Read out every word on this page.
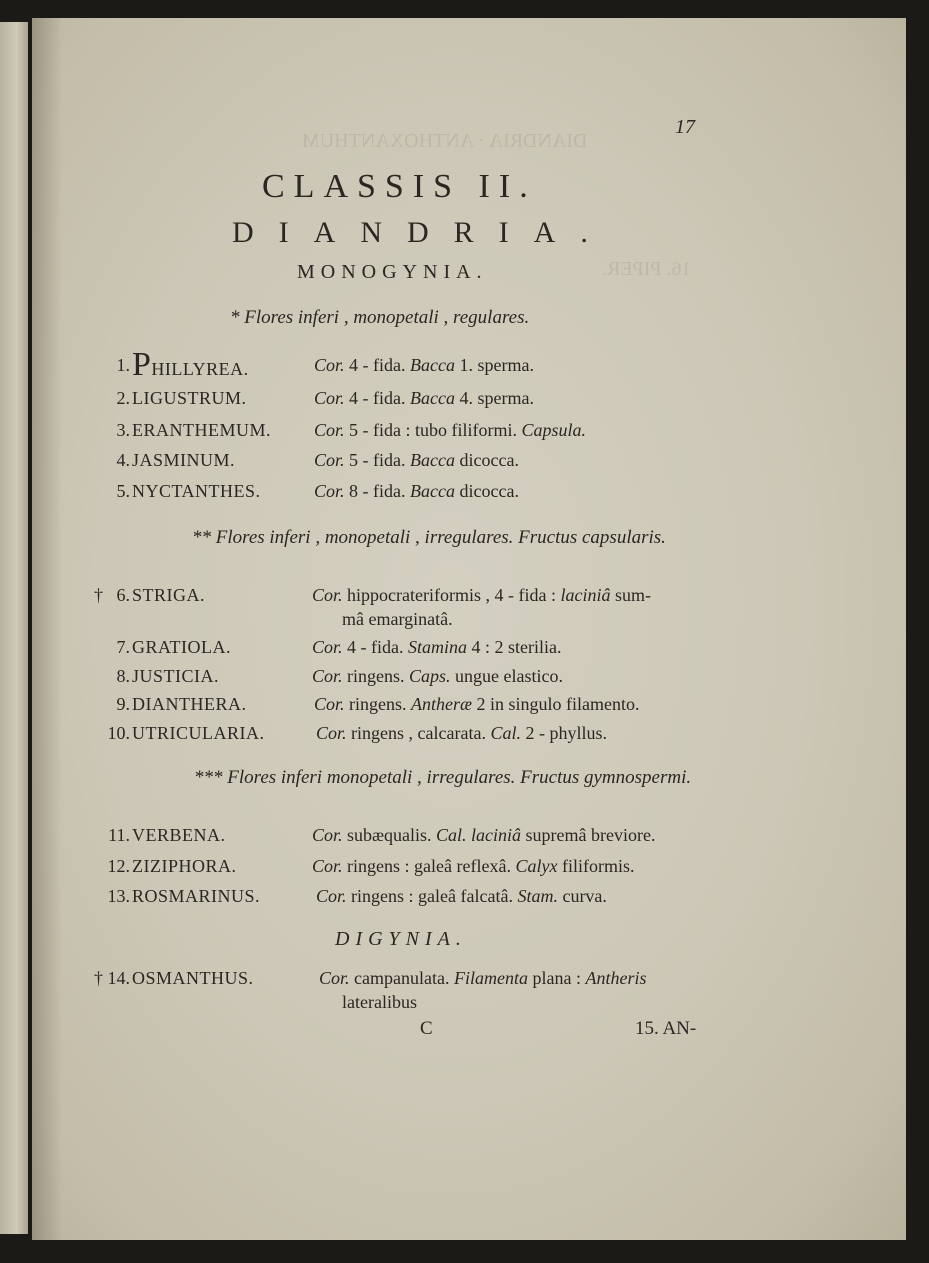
DIANDRIA · ANTHOXANTHUM
16. PIPER.
17
CLASSIS II.
DIANDRIA.
MONOGYNIA.
* Flores inferi , monopetali , regulares.
** Flores inferi , monopetali , irregulares. Fructus capsularis.
*** Flores inferi monopetali , irregulares. Fructus gymnospermi.
DIGYNIA.
1. PHILLYREA.	Cor. 4 - fida. Bacca 1. sperma.
2. LIGUSTRUM.	Cor. 4 - fida. Bacca 4. sperma.
3. ERANTHEMUM. Cor. 5 - fida : tubo filiformi. Capsula.
4. JASMINUM.	Cor. 5 - fida. Bacca dicocca.
5. NYCTANTHES.	Cor. 8 - fida. Bacca dicocca.
† 6. STRIGA.	Cor. hippocrateriformis , 4 - fida : laciniâ sum-
mâ emarginatâ.
7. GRATIOLA.	Cor. 4 - fida. Stamina 4 : 2 sterilia.
8. JUSTICIA.	Cor. ringens. Caps. ungue elastico.
9. DIANTHERA.	Cor. ringens. Antheræ 2 in singulo filamento.
10. UTRICULARIA.	Cor. ringens , calcarata. Cal. 2 - phyllus.
11. VERBENA.	Cor. subæqualis. Cal. laciniâ supremâ breviore.
12. ZIZIPHORA.	Cor. ringens : galeâ reflexâ. Calyx filiformis.
13. ROSMARINUS.	Cor. ringens : galeâ falcatâ. Stam. curva.
† 14. OSMANTHUS.	Cor. campanulata. Filamenta plana : Antheris
lateralibus
C	15. AN-
